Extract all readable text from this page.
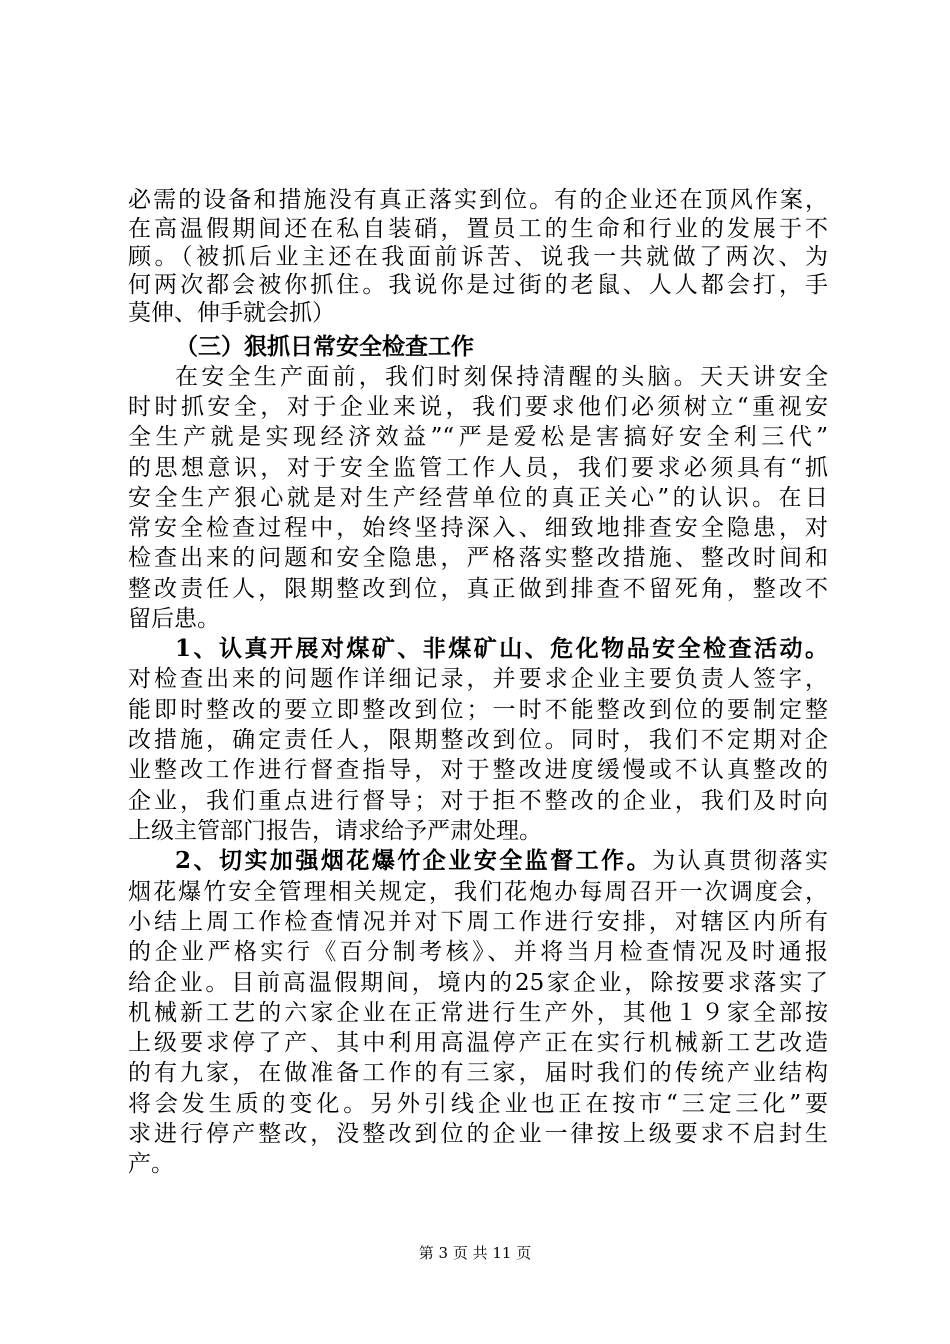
必需的设备和措施没有真正落实到位。有的企业还在顶风作案，
在高温假期间还在私自装硝，置员工的生命和行业的发展于不
顾。（被抓后业主还在我面前诉苦、说我一共就做了两次、为
何两次都会被你抓住。我说你是过街的老鼠、人人都会打，手
莫伸、伸手就会抓）
（三）狠抓日常安全检查工作
在安全生产面前，我们时刻保持清醒的头脑。天天讲安全
时时抓安全，对于企业来说，我们要求他们必须树立“重视安
全生产就是实现经济效益”“严是爱松是害搞好安全利三代”
的思想意识，对于安全监管工作人员，我们要求必须具有“抓
安全生产狠心就是对生产经营单位的真正关心”的认识。在日
常安全检查过程中，始终坚持深入、细致地排查安全隐患，对
检查出来的问题和安全隐患，严格落实整改措施、整改时间和
整改责任人，限期整改到位，真正做到排查不留死角，整改不
留后患。
1、认真开展对煤矿、非煤矿山、危化物品安全检查活动。
对检查出来的问题作详细记录，并要求企业主要负责人签字，
能即时整改的要立即整改到位；一时不能整改到位的要制定整
改措施，确定责任人，限期整改到位。同时，我们不定期对企
业整改工作进行督查指导，对于整改进度缓慢或不认真整改的
企业，我们重点进行督导；对于拒不整改的企业，我们及时向
上级主管部门报告，请求给予严肃处理。
2、切实加强烟花爆竹企业安全监督工作。为认真贯彻落实
烟花爆竹安全管理相关规定，我们花炮办每周召开一次调度会，
小结上周工作检查情况并对下周工作进行安排，对辖区内所有
的企业严格实行《百分制考核》、并将当月检查情况及时通报
给企业。目前高温假期间，境内的25家企业，除按要求落实了
机械新工艺的六家企业在正常进行生产外，其他１９家全部按
上级要求停了产、其中利用高温停产正在实行机械新工艺改造
的有九家，在做准备工作的有三家，届时我们的传统产业结构
将会发生质的变化。另外引线企业也正在按市“三定三化”要
求进行停产整改，没整改到位的企业一律按上级要求不启封生
产。
第 3 页 共 11 页
